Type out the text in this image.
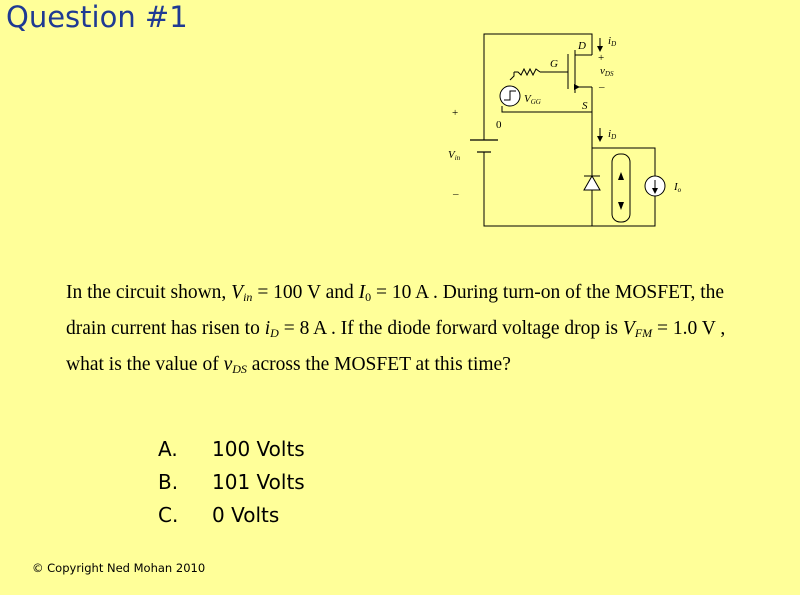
Question #1
D
G
S
VGG
Vin
iD
vDS
iD
Io
0
+
–
+
–
In the circuit shown, $V_{in} = 100$ V and $I_0 = 10$ A . During turn-on of the MOSFET, the drain current has risen to $i_D = 8$ A . If the diode forward voltage drop is $V_{FM} = 1.0$ V , what is the value of $v_{DS}$ across the MOSFET at this time?
A.	100 Volts
B.	101 Volts
C.	0 Volts
© Copyright Ned Mohan 2010
